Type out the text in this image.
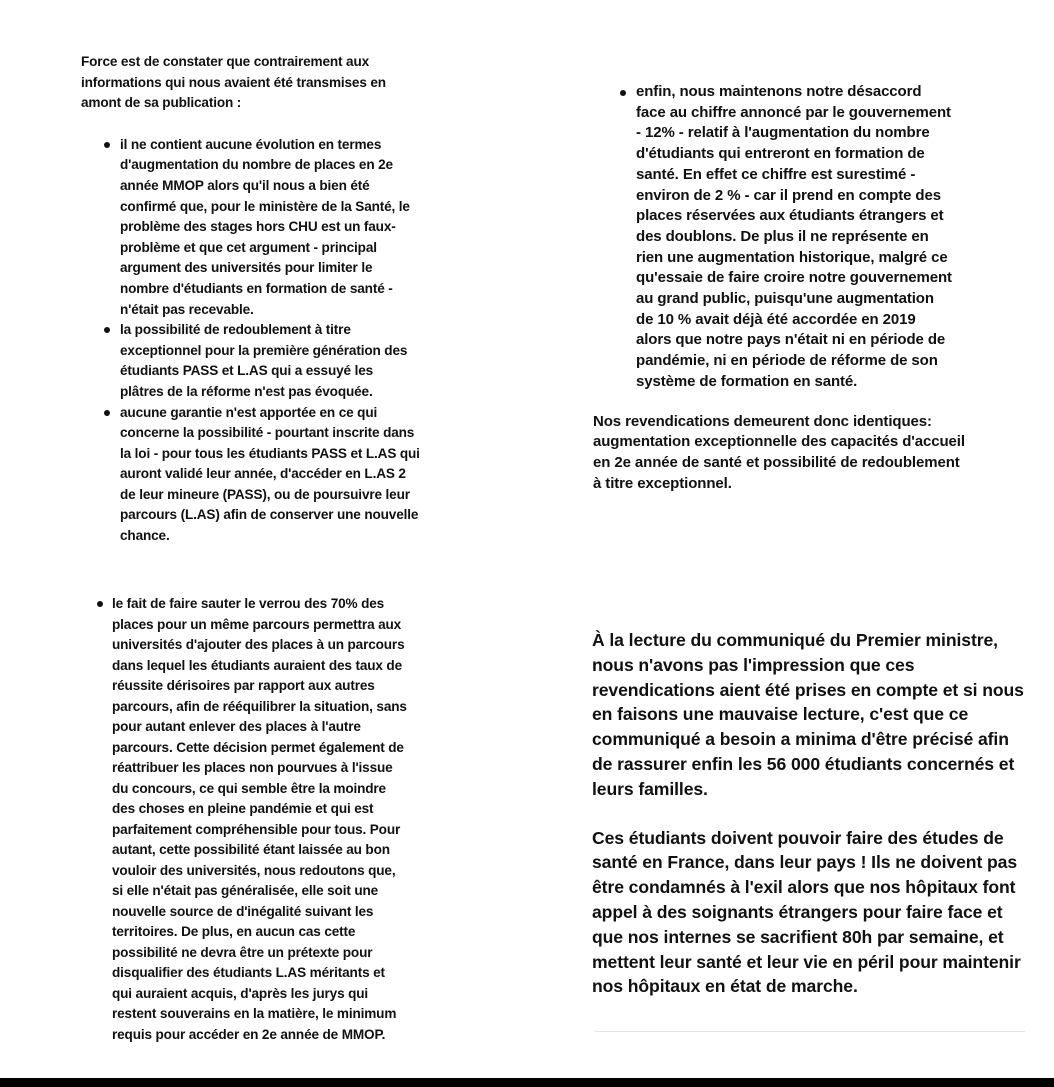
Force est de constater que contrairement aux informations qui nous avaient été transmises en amont de sa publication :

il ne contient aucune évolution en termes d'augmentation du nombre de places en 2e année MMOP alors qu'il nous a bien été confirmé que, pour le ministère de la Santé, le problème des stages hors CHU est un faux-problème et que cet argument - principal argument des universités pour limiter le nombre d'étudiants en formation de santé - n'était pas recevable.
la possibilité de redoublement à titre exceptionnel pour la première génération des étudiants PASS et L.AS qui a essuyé les plâtres de la réforme n'est pas évoquée.
aucune garantie n'est apportée en ce qui concerne la possibilité - pourtant inscrite dans la loi - pour tous les étudiants PASS et L.AS qui auront validé leur année, d'accéder en L.AS 2 de leur mineure (PASS), ou de poursuivre leur parcours (L.AS) afin de conserver une nouvelle chance.
le fait de faire sauter le verrou des 70% des places pour un même parcours permettra aux universités d'ajouter des places à un parcours dans lequel les étudiants auraient des taux de réussite dérisoires par rapport aux autres parcours, afin de rééquilibrer la situation, sans pour autant enlever des places à l'autre parcours. Cette décision permet également de réattribuer les places non pourvues à l'issue du concours, ce qui semble être la moindre des choses en pleine pandémie et qui est parfaitement compréhensible pour tous. Pour autant, cette possibilité étant laissée au bon vouloir des universités, nous redoutons que, si elle n'était pas généralisée, elle soit une nouvelle source de d'inégalité suivant les territoires. De plus, en aucun cas cette possibilité ne devra être un prétexte pour disqualifier des étudiants L.AS méritants et qui auraient acquis, d'après les jurys qui restent souverains en la matière, le minimum requis pour accéder en 2e année de MMOP.
enfin, nous maintenons notre désaccord face au chiffre annoncé par le gouvernement - 12% - relatif à l'augmentation du nombre d'étudiants qui entreront en formation de santé. En effet ce chiffre est surestimé - environ de 2 % - car il prend en compte des places réservées aux étudiants étrangers et des doublons. De plus il ne représente en rien une augmentation historique, malgré ce qu'essaie de faire croire notre gouvernement au grand public, puisqu'une augmentation de 10 % avait déjà été accordée en 2019 alors que notre pays n'était ni en période de pandémie, ni en période de réforme de son système de formation en santé.

Nos revendications demeurent donc identiques: augmentation exceptionnelle des capacités d'accueil en 2e année de santé et possibilité de redoublement à titre exceptionnel.

À la lecture du communiqué du Premier ministre, nous n'avons pas l'impression que ces revendications aient été prises en compte et si nous en faisons une mauvaise lecture, c'est que ce communiqué a besoin a minima d'être précisé afin de rassurer enfin les 56 000 étudiants concernés et leurs familles.

Ces étudiants doivent pouvoir faire des études de santé en France, dans leur pays ! Ils ne doivent pas être condamnés à l'exil alors que nos hôpitaux font appel à des soignants étrangers pour faire face et que nos internes se sacrifient 80h par semaine, et mettent leur santé et leur vie en péril pour maintenir nos hôpitaux en état de marche.
